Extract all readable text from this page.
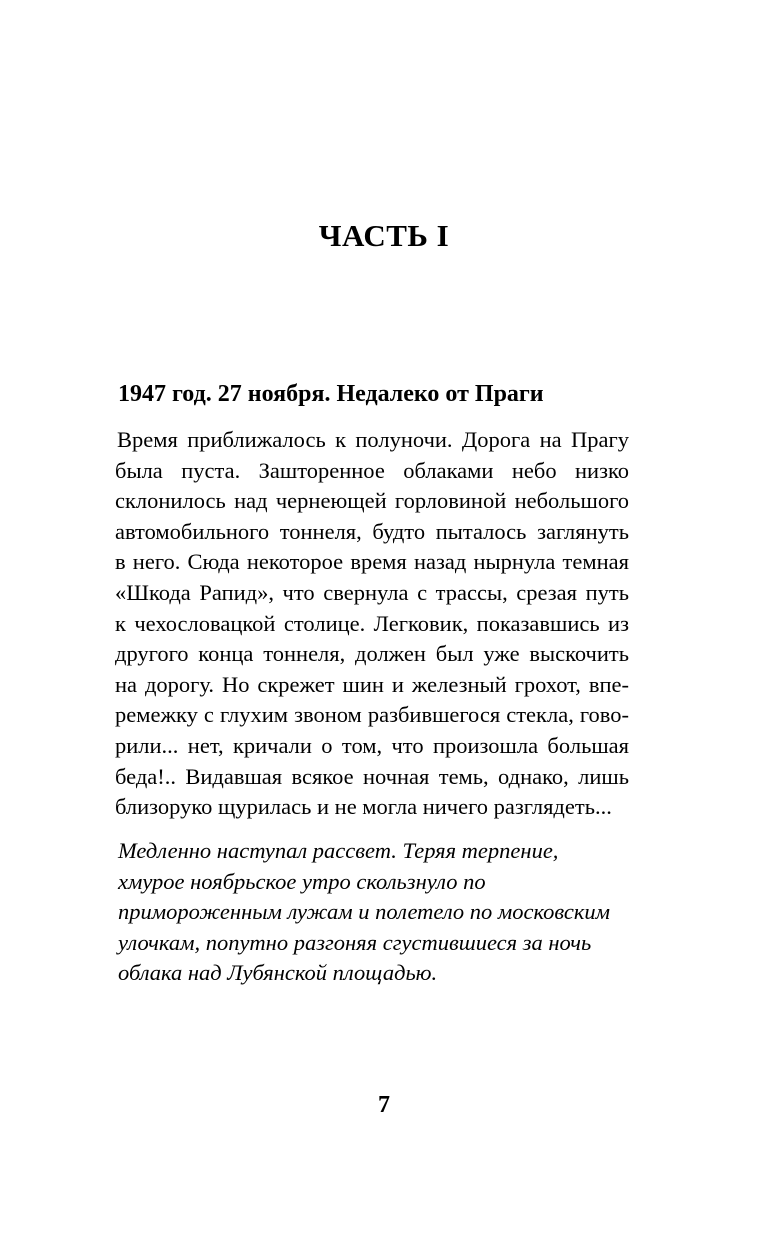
ЧАСТЬ I
1947 год. 27 ноября. Недалеко от Праги
Время приближалось к полуночи. Дорога на Прагу
была пуста. Зашторенное облаками небо низко
склонилось над чернеющей горловиной небольшого
автомобильного тоннеля, будто пыталось заглянуть
в него. Сюда некоторое время назад нырнула темная
«Шкода Рапид», что свернула с трассы, срезая путь
к чехословацкой столице. Легковик, показавшись из
другого конца тоннеля, должен был уже выскочить
на дорогу. Но скрежет шин и железный грохот, впе-
ремежку с глухим звоном разбившегося стекла, гово-
рили... нет, кричали о том, что произошла большая
беда!.. Видавшая всякое ночная темь, однако, лишь
близоруко щурилась и не могла ничего разглядеть...
Медленно наступал рассвет. Теряя терпение,
хмурое ноябрьское утро скользнуло по
примороженным лужам и полетело по московским
улочкам, попутно разгоняя сгустившиеся за ночь
облака над Лубянской площадью.
7
